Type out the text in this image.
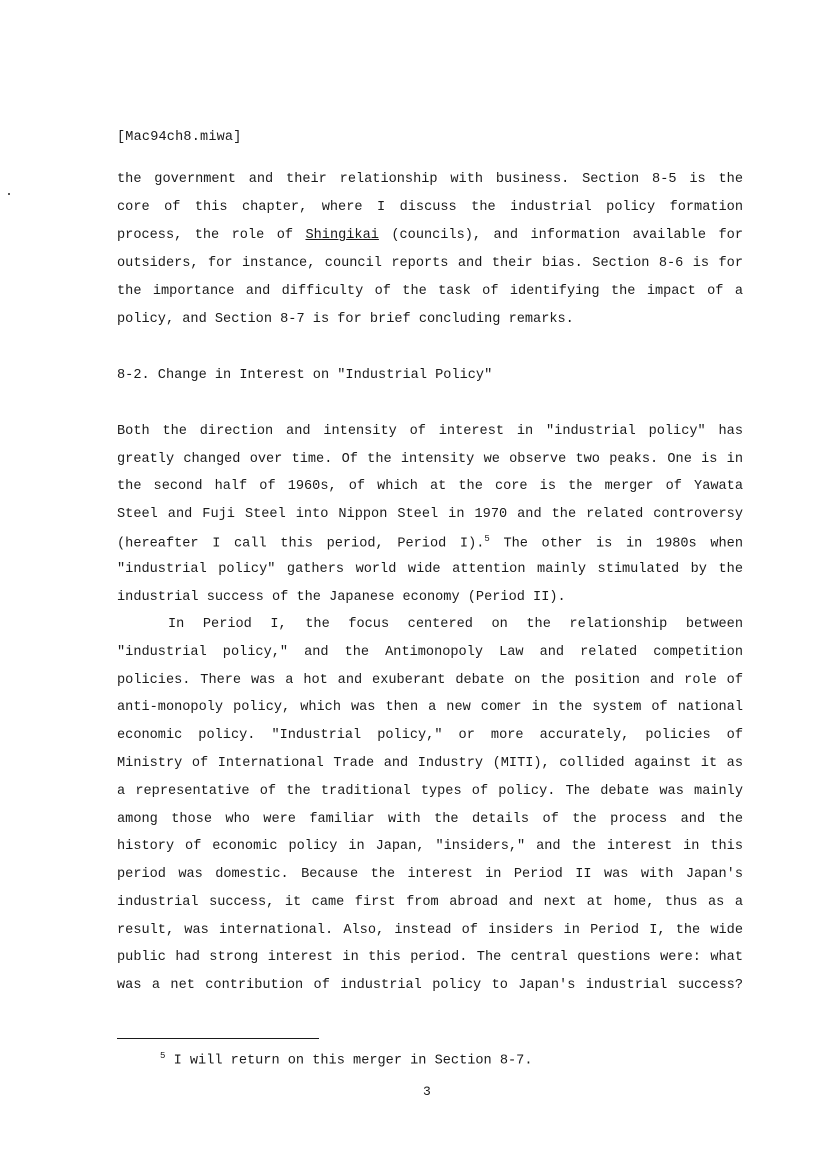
[Mac94ch8.miwa]
the government and their relationship with business. Section 8-5 is the
core of this chapter, where I discuss the industrial policy formation
process, the role of Shingikai (councils), and information available for
outsiders, for instance, council reports and their bias. Section 8-6 is for
the importance and difficulty of the task of identifying the impact of a
policy, and Section 8-7 is for brief concluding remarks.
8-2. Change in Interest on "Industrial Policy"
Both the direction and intensity of interest in "industrial policy" has
greatly changed over time. Of the intensity we observe two peaks. One is in
the second half of 1960s, of which at the core is the merger of Yawata
Steel and Fuji Steel into Nippon Steel in 1970 and the related controversy
(hereafter I call this period, Period I).$^5$ The other is in 1980s when
"industrial policy" gathers world wide attention mainly stimulated by the
industrial success of the Japanese economy (Period II).
In Period I, the focus centered on the relationship between
"industrial policy," and the Antimonopoly Law and related competition
policies. There was a hot and exuberant debate on the position and role of
anti-monopoly policy, which was then a new comer in the system of national
economic policy. "Industrial policy," or more accurately, policies of
Ministry of International Trade and Industry (MITI), collided against it as
a representative of the traditional types of policy. The debate was mainly
among those who were familiar with the details of the process and the
history of economic policy in Japan, "insiders," and the interest in this
period was domestic. Because the interest in Period II was with Japan's
industrial success, it came first from abroad and next at home, thus as a
result, was international. Also, instead of insiders in Period I, the wide
public had strong interest in this period. The central questions were: what
was a net contribution of industrial policy to Japan's industrial success?
$^5$ I will return on this merger in Section 8-7.
3
